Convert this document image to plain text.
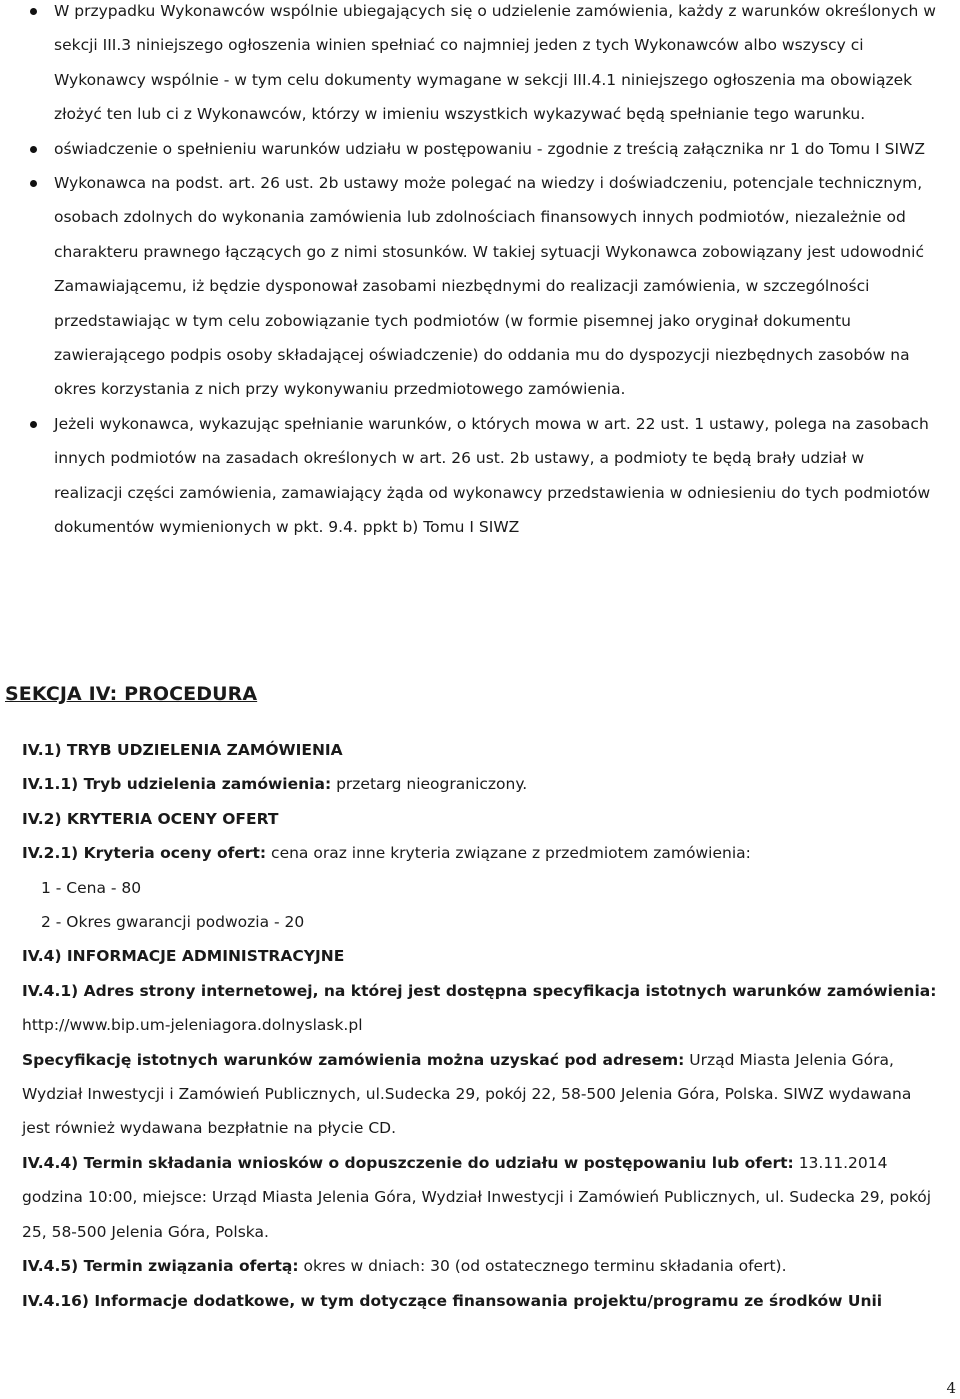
W przypadku Wykonawców wspólnie ubiegających się o udzielenie zamówienia, każdy z warunków określonych w sekcji III.3 niniejszego ogłoszenia winien spełniać co najmniej jeden z tych Wykonawców albo wszyscy ci Wykonawcy wspólnie - w tym celu dokumenty wymagane w sekcji III.4.1 niniejszego ogłoszenia ma obowiązek złożyć ten lub ci z Wykonawców, którzy w imieniu wszystkich wykazywać będą spełnianie tego warunku.
oświadczenie o spełnieniu warunków udziału w postępowaniu - zgodnie z treścią załącznika nr 1 do Tomu I SIWZ
Wykonawca na podst. art. 26 ust. 2b ustawy może polegać na wiedzy i doświadczeniu, potencjale technicznym, osobach zdolnych do wykonania zamówienia lub zdolnościach finansowych innych podmiotów, niezależnie od charakteru prawnego łączących go z nimi stosunków. W takiej sytuacji Wykonawca zobowiązany jest udowodnić Zamawiającemu, iż będzie dysponował zasobami niezbędnymi do realizacji zamówienia, w szczególności przedstawiając w tym celu zobowiązanie tych podmiotów (w formie pisemnej jako oryginał dokumentu zawierającego podpis osoby składającej oświadczenie) do oddania mu do dyspozycji niezbędnych zasobów na okres korzystania z nich przy wykonywaniu przedmiotowego zamówienia.
Jeżeli wykonawca, wykazując spełnianie warunków, o których mowa w art. 22 ust. 1 ustawy, polega na zasobach innych podmiotów na zasadach określonych w art. 26 ust. 2b ustawy, a podmioty te będą brały udział w realizacji części zamówienia, zamawiający żąda od wykonawcy przedstawienia w odniesieniu do tych podmiotów dokumentów wymienionych w pkt. 9.4. ppkt b) Tomu I SIWZ
SEKCJA IV: PROCEDURA

IV.1) TRYB UDZIELENIA ZAMÓWIENIA

IV.1.1) Tryb udzielenia zamówienia: przetarg nieograniczony.

IV.2) KRYTERIA OCENY OFERT

IV.2.1) Kryteria oceny ofert: cena oraz inne kryteria związane z przedmiotem zamówienia:

1 - Cena - 80

2 - Okres gwarancji podwozia - 20

IV.4) INFORMACJE ADMINISTRACYJNE

IV.4.1) Adres strony internetowej, na której jest dostępna specyfikacja istotnych warunków zamówienia:

http://www.bip.um-jeleniagora.dolnyslask.pl

Specyfikację istotnych warunków zamówienia można uzyskać pod adresem: Urząd Miasta Jelenia Góra, Wydział Inwestycji i Zamówień Publicznych, ul.Sudecka 29, pokój 22, 58-500 Jelenia Góra, Polska. SIWZ wydawana jest również wydawana bezpłatnie na płycie CD.

IV.4.4) Termin składania wniosków o dopuszczenie do udziału w postępowaniu lub ofert: 13.11.2014 godzina 10:00, miejsce: Urząd Miasta Jelenia Góra, Wydział Inwestycji i Zamówień Publicznych, ul. Sudecka 29, pokój 25, 58-500 Jelenia Góra, Polska.

IV.4.5) Termin związania ofertą: okres w dniach: 30 (od ostatecznego terminu składania ofert).

IV.4.16) Informacje dodatkowe, w tym dotyczące finansowania projektu/programu ze środków Unii

4
